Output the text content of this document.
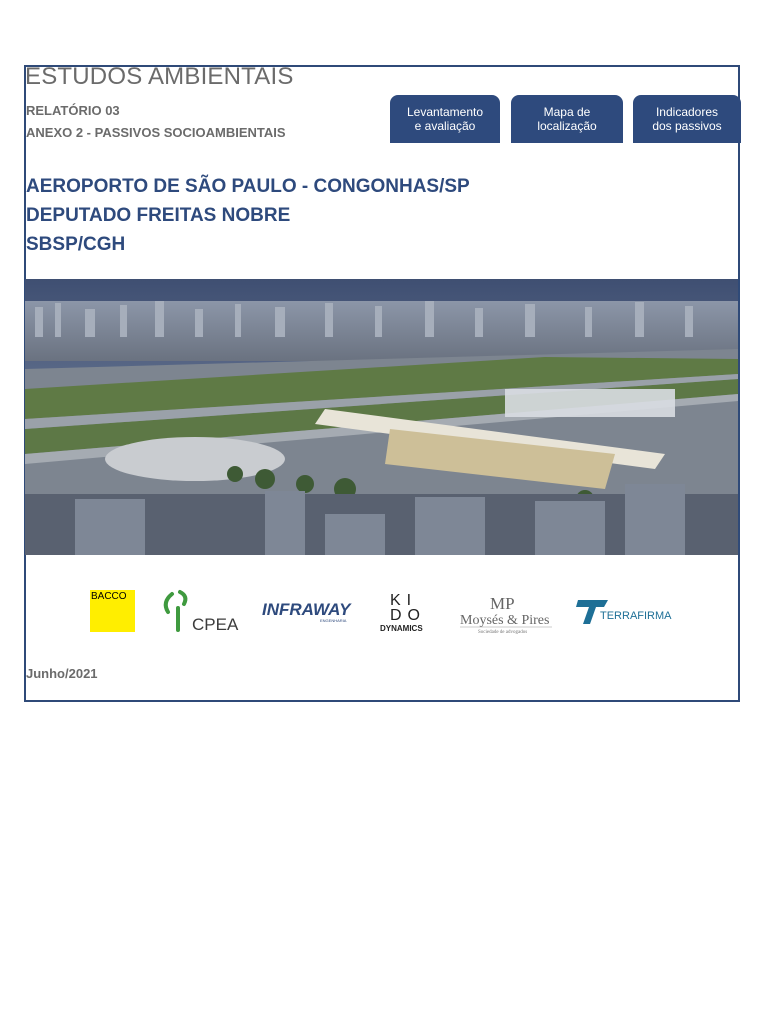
ESTUDOS AMBIENTAIS
RELATÓRIO 03
ANEXO 2 - PASSIVOS SOCIOAMBIENTAIS
Levantamento
e avaliação
Mapa de
localização
Indicadores
dos passivos
AEROPORTO DE SÃO PAULO - CONGONHAS/SP
DEPUTADO FREITAS NOBRE
SBSP/CGH
BACCO
CPEA
INFRAWAY
ENGENHARIA
KI
DO
DYNAMICS
MP
Moysés & Pires
Sociedade de advogados
TERRAFIRMA
Junho/2021
